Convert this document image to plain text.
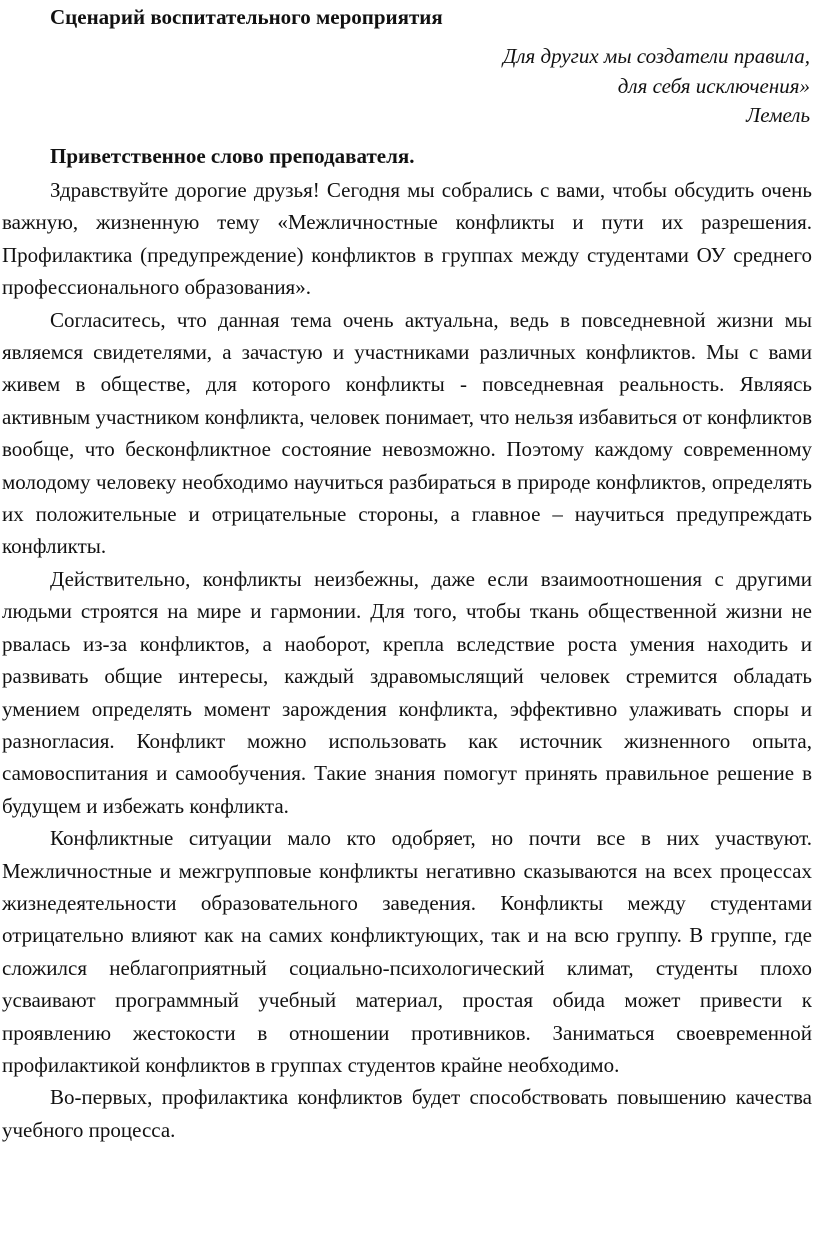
Сценарий воспитательного мероприятия
Для других мы создатели правила,
для себя исключения»
Лемель
Приветственное слово преподавателя.

Здравствуйте дорогие друзья! Сегодня мы собрались с вами, чтобы обсудить очень важную, жизненную тему «Межличностные конфликты и пути их разрешения. Профилактика (предупреждение) конфликтов в группах между студентами ОУ среднего профессионального образования».

Согласитесь, что данная тема очень актуальна, ведь в повседневной жизни мы являемся свидетелями, а зачастую и участниками различных конфликтов. Мы с вами живем в обществе, для которого конфликты - повседневная реальность. Являясь активным участником конфликта, человек понимает, что нельзя избавиться от конфликтов вообще, что бесконфликтное состояние невозможно. Поэтому каждому современному молодому человеку необходимо научиться разбираться в природе конфликтов, определять их положительные и отрицательные стороны, а главное – научиться предупреждать конфликты.

Действительно, конфликты неизбежны, даже если взаимоотношения с другими людьми строятся на мире и гармонии. Для того, чтобы ткань общественной жизни не рвалась из-за конфликтов, а наоборот, крепла вследствие роста умения находить и развивать общие интересы, каждый здравомыслящий человек стремится обладать умением определять момент зарождения конфликта, эффективно улаживать споры и разногласия. Конфликт можно использовать как источник жизненного опыта, самовоспитания и самообучения. Такие знания помогут принять правильное решение в будущем и избежать конфликта.

Конфликтные ситуации мало кто одобряет, но почти все в них участвуют. Межличностные и межгрупповые конфликты негативно сказываются на всех процессах жизнедеятельности образовательного заведения. Конфликты между студентами отрицательно влияют как на самих конфликтующих, так и на всю группу. В группе, где сложился неблагоприятный социально-психологический климат, студенты плохо усваивают программный учебный материал, простая обида может привести к проявлению жестокости в отношении противников. Заниматься своевременной профилактикой конфликтов в группах студентов крайне необходимо.

Во-первых, профилактика конфликтов будет способствовать повышению качества учебного процесса.
